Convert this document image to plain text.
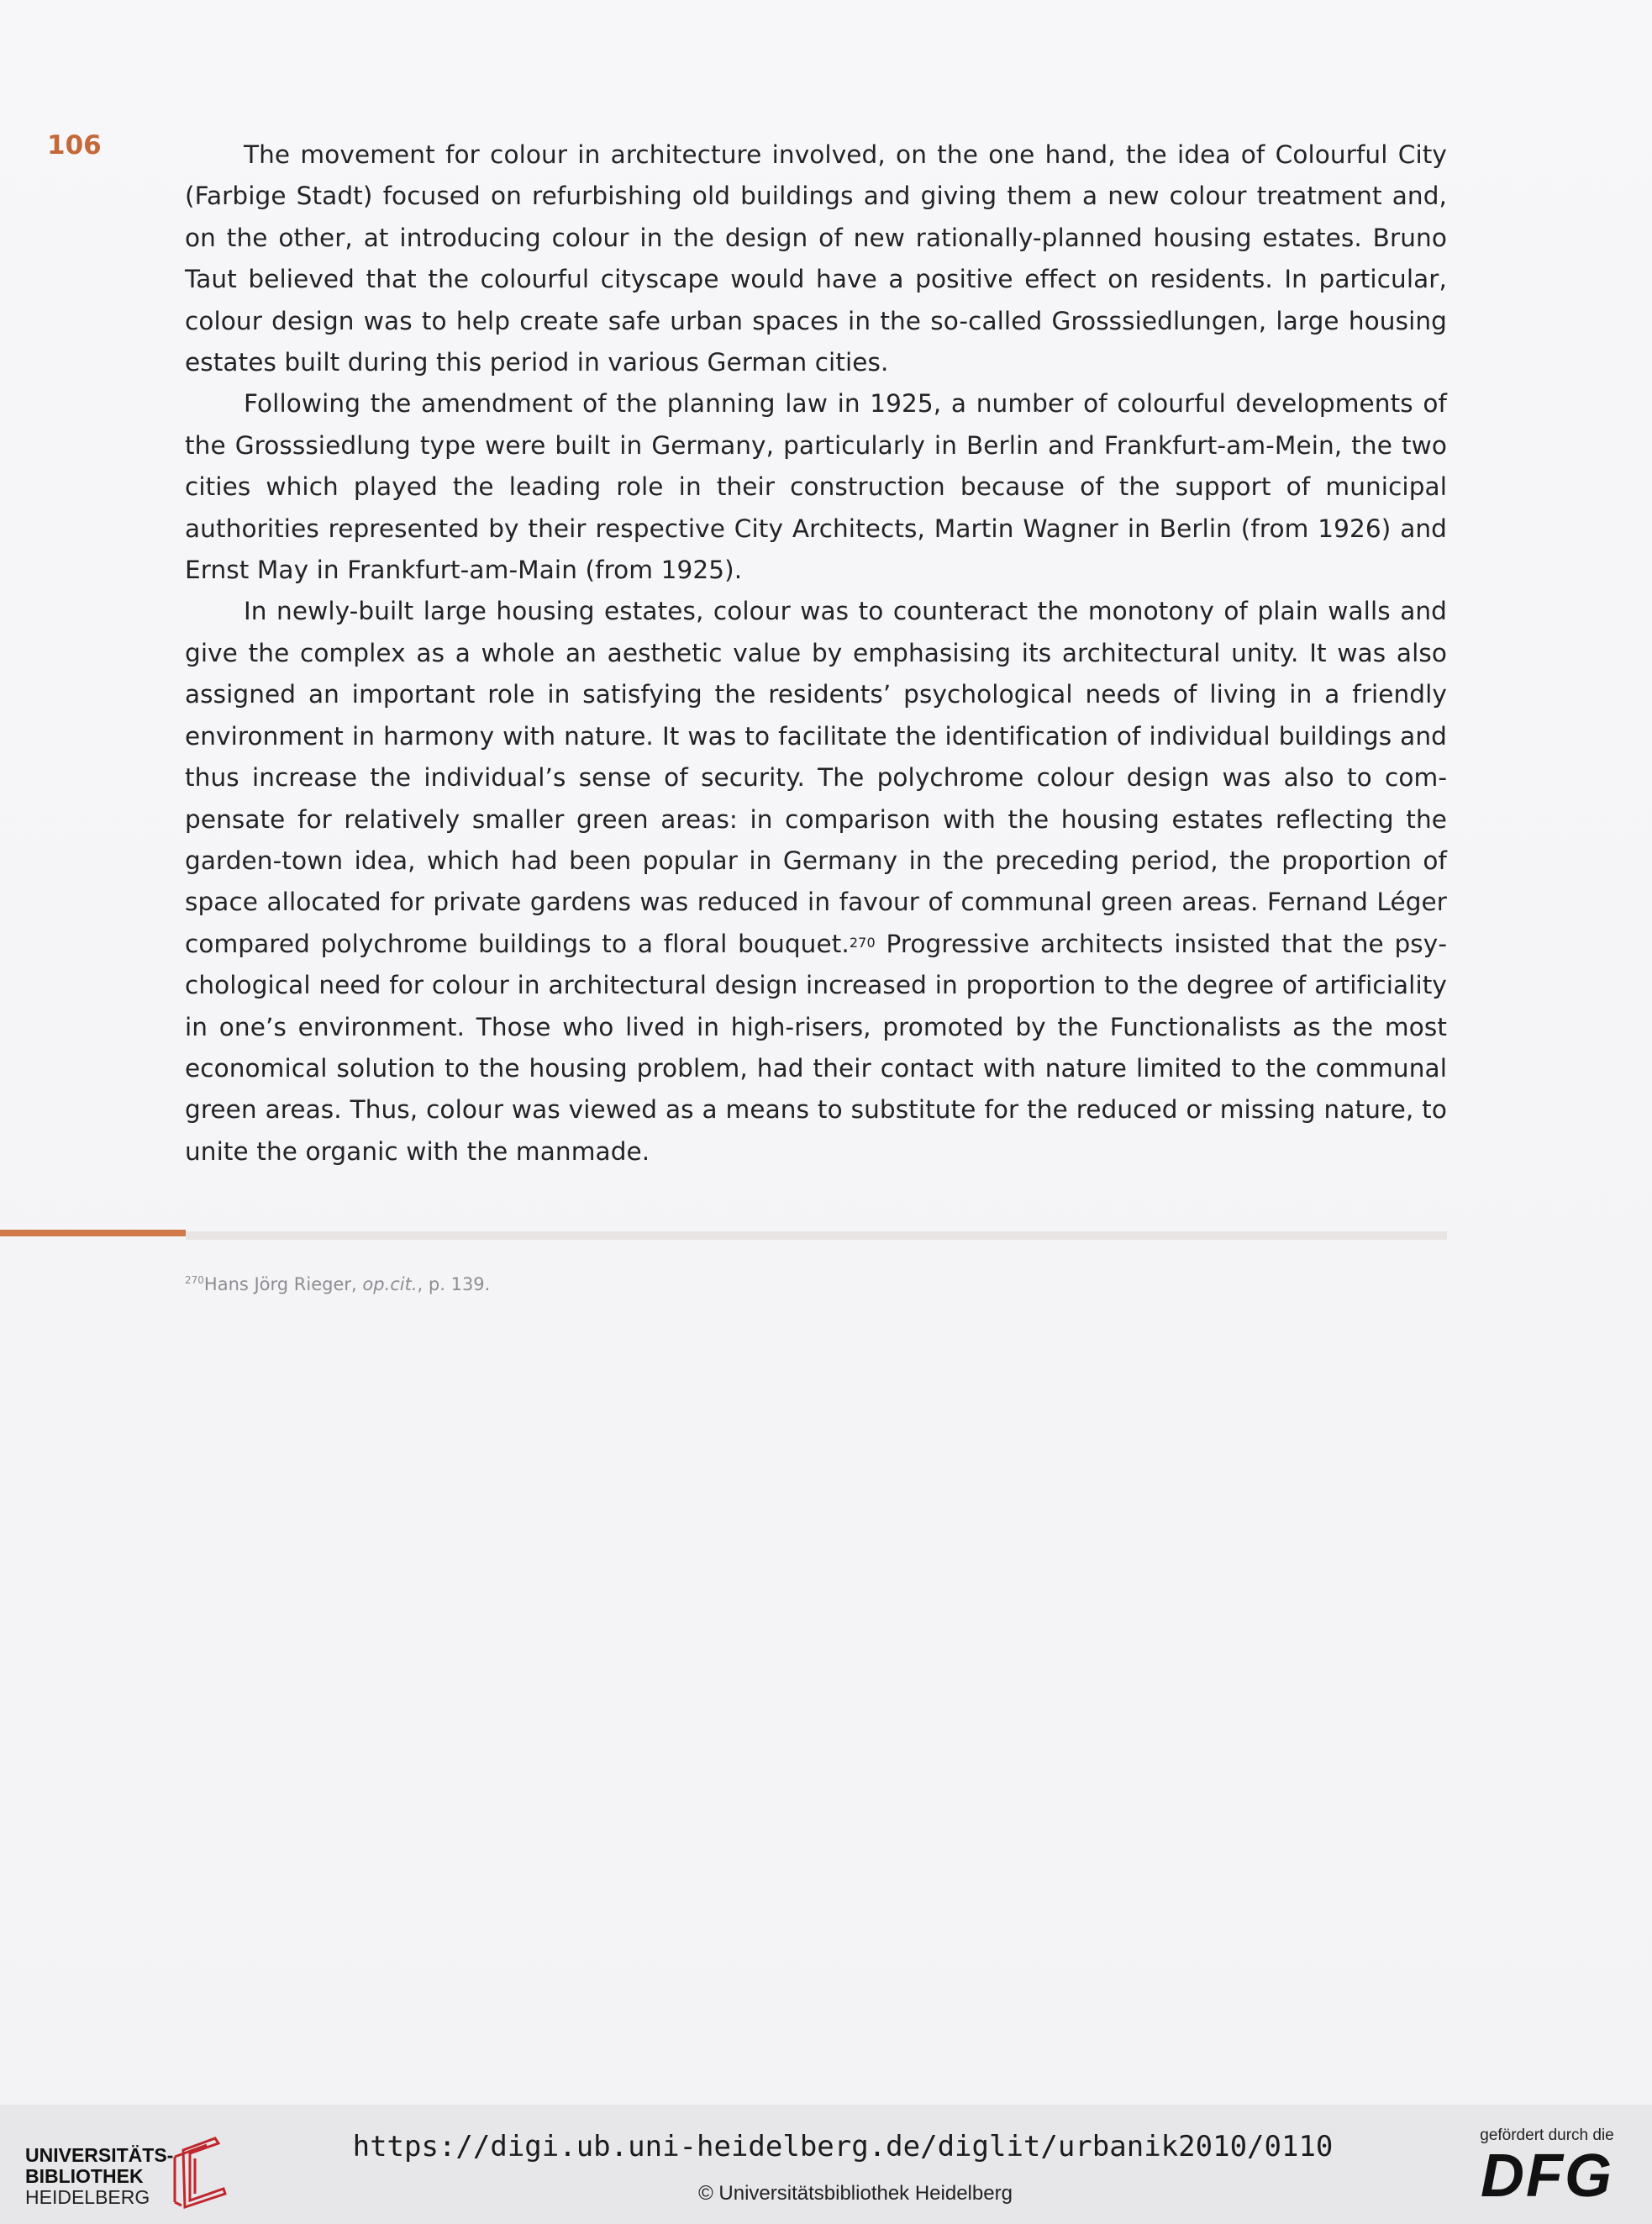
106	The movement for colour in architecture involved, on the one hand, the idea of Colourful City (Farbige Stadt) focused on refurbishing old buildings and giving them a new colour treatment and, on the other, at introducing colour in the design of new rationally-planned housing estates. Bruno Taut believed that the colourful cityscape would have a positive effect on residents. In particular, colour design was to help create safe urban spaces in the so-called Grosssiedlungen, large housing estates built during this period in various German cities.

Following the amendment of the planning law in 1925, a number of colourful developments of the Grosssiedlung type were built in Germany, particularly in Berlin and Frankfurt-am-Mein, the two cities which played the leading role in their construction because of the support of municipal authorities represented by their respective City Architects, Martin Wagner in Berlin (from 1926) and Ernst May in Frankfurt-am-Main (from 1925).

In newly-built large housing estates, colour was to counteract the monotony of plain walls and give the complex as a whole an aesthetic value by emphasising its architectural unity. It was also assigned an important role in satisfying the residents’ psychological needs of living in a friendly environment in harmony with nature. It was to facilitate the identification of individual buildings and thus increase the individual’s sense of security. The polychrome colour design was also to compensate for relatively smaller green areas: in comparison with the housing estates reflecting the garden-town idea, which had been popular in Germany in the preceding period, the proportion of space allocated for private gardens was reduced in favour of communal green areas. Fernand Léger compared polychrome buildings to a floral bouquet.$^{270}$ Progressive architects insisted that the psychological need for colour in architectural design increased in proportion to the degree of artificiality in one’s environment. Those who lived in high-risers, promoted by the Functionalists as the most economical solution to the housing problem, had their contact with nature limited to the communal green areas. Thus, colour was viewed as a means to substitute for the reduced or missing nature, to unite the organic with the manmade.

$^{270}$Hans Jörg Rieger, op.cit., p. 139.
UNIVERSITÄTS-
BIBLIOTHEK
HEIDELBERG
https://digi.ub.uni-heidelberg.de/diglit/urbanik2010/0110
© Universitätsbibliothek Heidelberg
gefördert durch die
DFG
